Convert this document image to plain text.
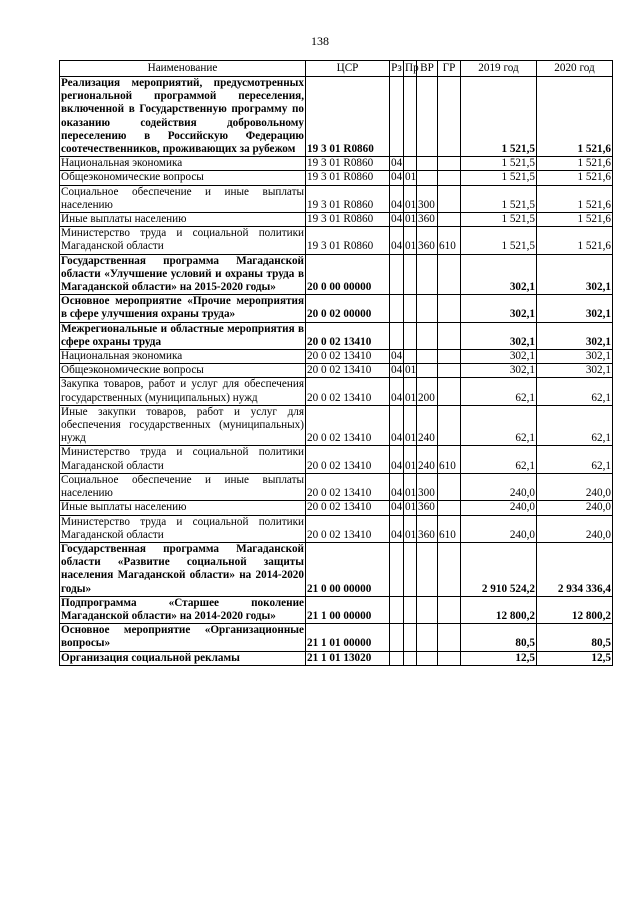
138
Наименование	ЦСР	Рз	Пр	ВР	ГР	2019 год	2020 год
Реализация мероприятий, предусмотренных региональной программой переселения, включенной в Государственную программу по оказанию содействия добровольному переселению в Российскую Федерацию соотечественников, проживающих за рубежом	19 3 01 R0860					1 521,5	1 521,6
Национальная экономика	19 3 01 R0860	04				1 521,5	1 521,6
Общеэкономические вопросы	19 3 01 R0860	04	01			1 521,5	1 521,6
Социальное обеспечение и иные выплаты населению	19 3 01 R0860	04	01	300		1 521,5	1 521,6
Иные выплаты населению	19 3 01 R0860	04	01	360		1 521,5	1 521,6
Министерство труда и социальной политики Магаданской области	19 3 01 R0860	04	01	360	610	1 521,5	1 521,6
Государственная программа Магаданской области «Улучшение условий и охраны труда в Магаданской области» на 2015-2020 годы»	20 0 00 00000					302,1	302,1
Основное мероприятие «Прочие мероприятия в сфере улучшения охраны труда»	20 0 02 00000					302,1	302,1
Межрегиональные и областные мероприятия в сфере охраны труда	20 0 02 13410					302,1	302,1
Национальная экономика	20 0 02 13410	04				302,1	302,1
Общеэкономические вопросы	20 0 02 13410	04	01			302,1	302,1
Закупка товаров, работ и услуг для обеспечения государственных (муниципальных) нужд	20 0 02 13410	04	01	200		62,1	62,1
Иные закупки товаров, работ и услуг для обеспечения государственных (муниципальных) нужд	20 0 02 13410	04	01	240		62,1	62,1
Министерство труда и социальной политики Магаданской области	20 0 02 13410	04	01	240	610	62,1	62,1
Социальное обеспечение и иные выплаты населению	20 0 02 13410	04	01	300		240,0	240,0
Иные выплаты населению	20 0 02 13410	04	01	360		240,0	240,0
Министерство труда и социальной политики Магаданской области	20 0 02 13410	04	01	360	610	240,0	240,0
Государственная программа Магаданской области «Развитие социальной защиты населения Магаданской области» на 2014-2020 годы»	21 0 00 00000					2 910 524,2	2 934 336,4
Подпрограмма «Старшее поколение Магаданской области» на 2014-2020 годы»	21 1 00 00000					12 800,2	12 800,2
Основное мероприятие «Организационные вопросы»	21 1 01 00000					80,5	80,5
Организация социальной рекламы	21 1 01 13020					12,5	12,5
